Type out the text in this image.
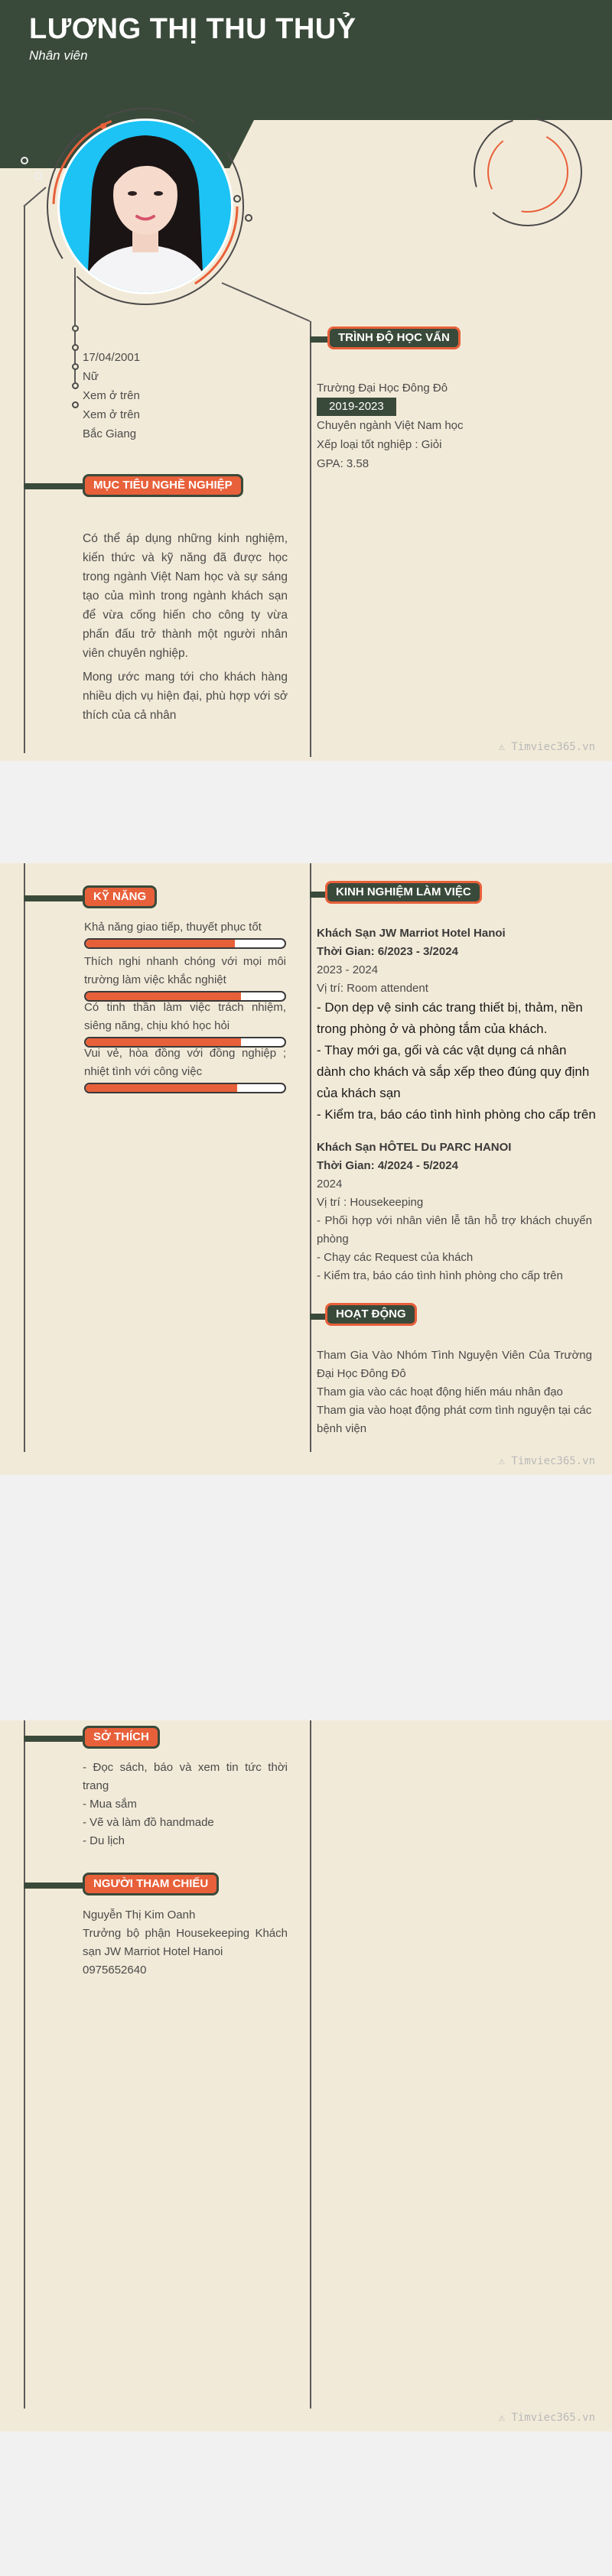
LƯƠNG THỊ THU THUỶ
Nhân viên
17/04/2001
Nữ
Xem ở trên
Xem ở trên
Bắc Giang
MỤC TIÊU NGHỀ NGHIỆP
Có thể áp dụng những kinh nghiệm, kiến thức và kỹ năng đã được học trong ngành Việt Nam học và sự sáng tạo của mình trong ngành khách sạn để vừa cống hiến cho công ty vừa phấn đấu trở thành một người nhân viên chuyên nghiệp.
Mong ước mang tới cho khách hàng nhiều dịch vụ hiện đại, phù hợp với sở thích của cả nhân
TRÌNH ĐỘ HỌC VẤN
Trường Đại Học Đông Đô
2019-2023
Chuyên ngành Việt Nam học
Xếp loại tốt nghiệp : Giỏi
GPA: 3.58
⚠ Timviec365.vn
KỸ NĂNG
Khả năng giao tiếp, thuyết phục tốt
Thích nghi nhanh chóng với mọi môi trường làm việc khắc nghiệt
Có tinh thần làm việc trách nhiệm, siêng năng, chịu khó học hỏi
Vui vẻ, hòa đồng với đồng nghiệp ; nhiệt tình với công việc
KINH NGHIỆM LÀM VIỆC
Khách Sạn JW Marriot Hotel Hanoi
Thời Gian: 6/2023 - 3/2024
2023 - 2024
Vị trí: Room attendent
- Dọn dẹp vệ sinh các trang thiết bị, thảm, nền trong phòng ở và phòng tắm của khách.
- Thay mới ga, gối và các vật dụng cá nhân dành cho khách và sắp xếp theo đúng quy định của khách sạn
- Kiểm tra, báo cáo tình hình phòng cho cấp trên
Khách Sạn HÔTEL Du PARC HANOI
Thời Gian: 4/2024 - 5/2024
2024
Vị trí : Housekeeping
- Phối hợp với nhân viên lễ tân hỗ trợ khách chuyển phòng
- Chạy các Request của khách
- Kiểm tra, báo cáo tình hình phòng cho cấp trên
HOẠT ĐỘNG
Tham Gia Vào Nhóm Tình Nguyện Viên Của Trường Đại Học Đông Đô
Tham gia vào các hoạt động hiến máu nhân đạo
Tham gia vào hoạt động phát cơm tình nguyện tại các bệnh viện
⚠ Timviec365.vn
SỞ THÍCH
- Đọc sách, báo và xem tin tức thời trang
- Mua sắm
- Vẽ và làm đồ handmade
- Du lịch
NGƯỜI THAM CHIẾU
Nguyễn Thị Kim Oanh
Trưởng bộ phận Housekeeping Khách sạn JW Marriot Hotel Hanoi
0975652640
⚠ Timviec365.vn
